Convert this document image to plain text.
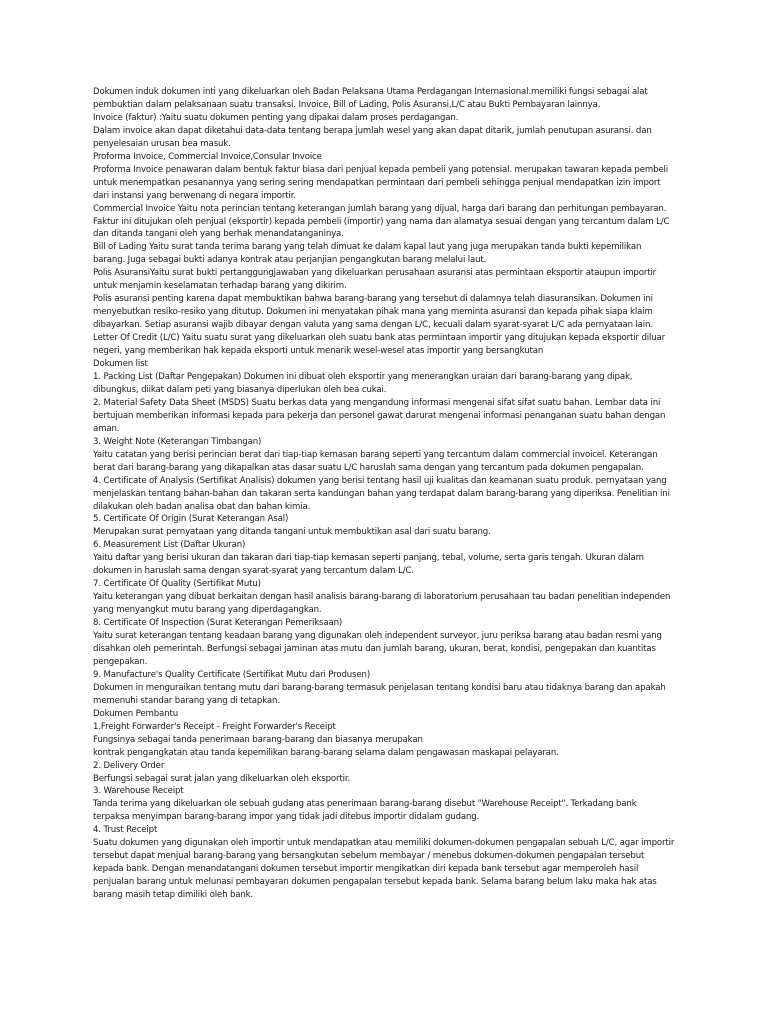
Dokumen induk dokumen inti yang dikeluarkan oleh Badan Pelaksana Utama Perdagangan Internasional.memiliki fungsi sebagai alat pembuktian dalam pelaksanaan suatu transaksi. Invoice, Bill of Lading, Polis Asuransi,L/C atau Bukti Pembayaran lainnya.

Invoice (faktur) :Yaitu suatu dokumen penting yang dipakai dalam proses perdagangan.

Dalam invoice akan dapat diketahui data-data tentang berapa jumlah wesel yang akan dapat ditarik, jumlah penutupan asuransi. dan penyelesaian urusan bea masuk.

Proforma Invoice, Commercial Invoice,Consular Invoice

Proforma Invoice penawaran dalam bentuk faktur biasa dari penjual kepada pembeli yang potensial. merupakan tawaran kepada pembeli untuk menempatkan pesanannya yang sering sering mendapatkan permintaan dari pembeli sehingga penjual mendapatkan izin import dari instansi yang berwenang di negara importir.

Commercial Invoice Yaitu nota perincian tentang keterangan jumlah barang yang dijual, harga dari barang dan perhitungan pembayaran. Faktur ini ditujukan oleh penjual (eksportir) kepada pembeli (importir) yang nama dan alamatya sesuai dengan yang tercantum dalam L/C dan ditanda tangani oleh yang berhak menandatanganinya.

Bill of Lading Yaitu surat tanda terima barang yang telah dimuat ke dalam kapal laut yang juga merupakan tanda bukti kepemilikan barang. Juga sebagai bukti adanya kontrak atau perjanjian pengangkutan barang melalui laut.

Polis AsuransiYaitu surat bukti pertanggungjawaban yang dikeluarkan perusahaan asuransi atas permintaan eksportir ataupun importir untuk menjamin keselamatan terhadap barang yang dikirim.

Polis asuransi penting karena dapat membuktikan bahwa barang-barang yang tersebut di dalamnya telah diasuransikan. Dokumen ini menyebutkan resiko-resiko yang ditutup. Dokumen ini menyatakan pihak mana yang meminta asuransi dan kepada pihak siapa klaim dibayarkan. Setiap asuransi wajib dibayar dengan valuta yang sama dengan L/C, kecuali dalam syarat-syarat L/C ada pernyataan lain.

Letter Of Credit (L/C) Yaitu suatu surat yang dikeluarkan oleh suatu bank atas permintaan importir yang ditujukan kepada eksportir diluar negeri, yang memberikan hak kepada eksporti untuk menarik wesel-wesel atas importir yang bersangkutan

Dokumen list

1. Packing List (Daftar Pengepakan) Dokumen ini dibuat oleh eksportir yang menerangkan uraian dari barang-barang yang dipak, dibungkus, diikat dalam peti yang biasanya diperlukan oleh bea cukai.

2. Material Safety Data Sheet (MSDS) Suatu berkas data yang mengandung informasi mengenai sifat sifat suatu bahan. Lembar data ini bertujuan memberikan informasi kepada para pekerja dan personel gawat darurat mengenai informasi penanganan suatu bahan dengan aman.

3. Weight Note (Keterangan Timbangan)

Yaitu catatan yang berisi perincian berat dari tiap-tiap kemasan barang seperti yang tercantum dalam commercial invoicel. Keterangan berat dari barang-barang yang dikapalkan atas dasar suatu L/C haruslah sama dengan yang tercantum pada dokumen pengapalan.

4. Certificate of Analysis (Sertifikat Analisis) dokumen yang berisi tentang hasil uji kualitas dan keamanan suatu produk. pernyataan yang menjelaskan tentang bahan-bahan dan takaran serta kandungan bahan yang terdapat dalam barang-barang yang diperiksa. Penelitian ini dilakukan oleh badan analisa obat dan bahan kimia.

5. Certificate Of Origin (Surat Keterangan Asal)

Merupakan surat pernyataan yang ditanda tangani untuk membuktikan asal dari suatu barang.

6. Measurement List (Daftar Ukuran)

Yaitu daftar yang berisi ukuran dan takaran dari tiap-tiap kemasan seperti panjang, tebal, volume, serta garis tengah. Ukuran dalam dokumen in haruslah sama dengan syarat-syarat yang tercantum dalam L/C.

7. Certificate Of Quality (Sertifikat Mutu)

Yaitu keterangan yang dibuat berkaitan dengan hasil analisis barang-barang di laboratorium perusahaan tau badan penelitian independen yang menyangkut mutu barang yang diperdagangkan.

8. Certificate Of Inspection (Surat Keterangan Pemeriksaan)

Yaitu surat keterangan tentang keadaan barang yang digunakan oleh independent surveyor, juru periksa barang atau badan resmi yang disahkan oleh pemerintah. Berfungsi sebagai jaminan atas mutu dan jumlah barang, ukuran, berat, kondisi, pengepakan dan kuantitas pengepakan.

9. Manufacture's Quality Certificate (Sertifikat Mutu dari Produsen)

Dokumen in menguraikan tentang mutu dari barang-barang termasuk penjelasan tentang kondisi baru atau tidaknya barang dan apakah memenuhi standar barang yang di tetapkan.

Dokumen Pembantu

1.Freight Forwarder's Receipt - Freight Forwarder's Receipt

Fungsinya sebagai tanda penerimaan barang-barang dan biasanya merupakan

kontrak pengangkatan atau tanda kepemilikan barang-barang selama dalam pengawasan maskapai pelayaran.

2. Delivery Order

Berfungsi sebagai surat jalan yang dikeluarkan oleh eksportir.

3. Warehouse Receipt

Tanda terima yang dikeluarkan ole sebuah gudang atas penerimaan barang-barang disebut "Warehouse Receipt". Terkadang bank terpaksa menyimpan barang-barang impor yang tidak jadi ditebus importir didalam gudang.

4. Trust Receipt

Suatu dokumen yang digunakan oleh importir untuk mendapatkan atau memiliki dokumen-dokumen pengapalan sebuah L/C, agar importir tersebut dapat menjual barang-barang yang bersangkutan sebelum membayar / menebus dokumen-dokumen pengapalan tersebut kepada bank. Dengan menandatangani dokumen tersebut importir mengikatkan diri kepada bank tersebut agar memperoleh hasil penjualan barang untuk melunasi pembayaran dokumen pengapalan tersebut kepada bank. Selama barang belum laku maka hak atas barang masih tetap dimiliki oleh bank.
